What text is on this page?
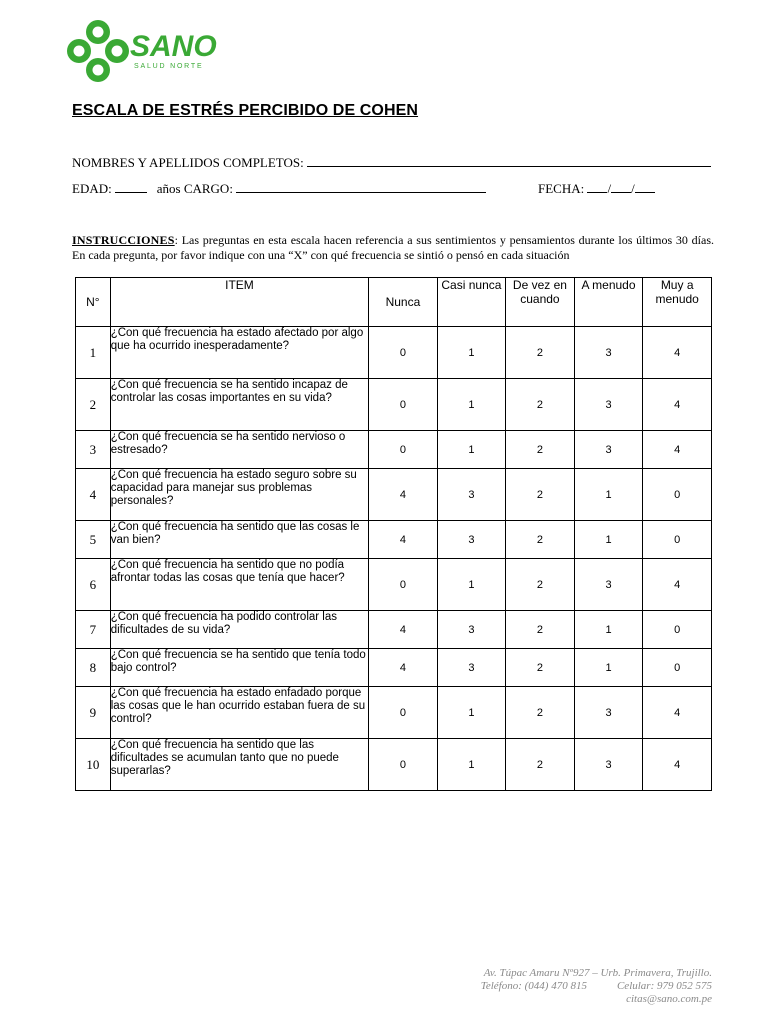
SANO
SALUD NORTE
ESCALA DE ESTRÉS PERCIBIDO DE COHEN
NOMBRES Y APELLIDOS COMPLETOS:
EDAD:	años CARGO:	FECHA: / /
INSTRUCCIONES: Las preguntas en esta escala hacen referencia a sus sentimientos y pensamientos durante los últimos 30 días. En cada pregunta, por favor indique con una “X” con qué frecuencia se sintió o pensó en cada situación
N°	ITEM	Nunca	Casi nunca	De vez en cuando	A menudo	Muy a menudo
1	¿Con qué frecuencia ha estado afectado por algo que ha ocurrido inesperadamente?	0	1	2	3	4
2	¿Con qué frecuencia se ha sentido incapaz de controlar las cosas importantes en su vida?	0	1	2	3	4
3	¿Con qué frecuencia se ha sentido nervioso o estresado?	0	1	2	3	4
4	¿Con qué frecuencia ha estado seguro sobre su capacidad para manejar sus problemas personales?	4	3	2	1	0
5	¿Con qué frecuencia ha sentido que las cosas le van bien?	4	3	2	1	0
6	¿Con qué frecuencia ha sentido que no podía afrontar todas las cosas que tenía que hacer?	0	1	2	3	4
7	¿Con qué frecuencia ha podido controlar las dificultades de su vida?	4	3	2	1	0
8	¿Con qué frecuencia se ha sentido que tenía todo bajo control?	4	3	2	1	0
9	¿Con qué frecuencia ha estado enfadado porque las cosas que le han ocurrido estaban fuera de su control?	0	1	2	3	4
10	¿Con qué frecuencia ha sentido que las dificultades se acumulan tanto que no puede superarlas?	0	1	2	3	4
Av. Túpac Amaru Nº927 – Urb. Primavera, Trujillo.
Teléfono: (044) 470 815	Celular: 979 052 575
citas@sano.com.pe
